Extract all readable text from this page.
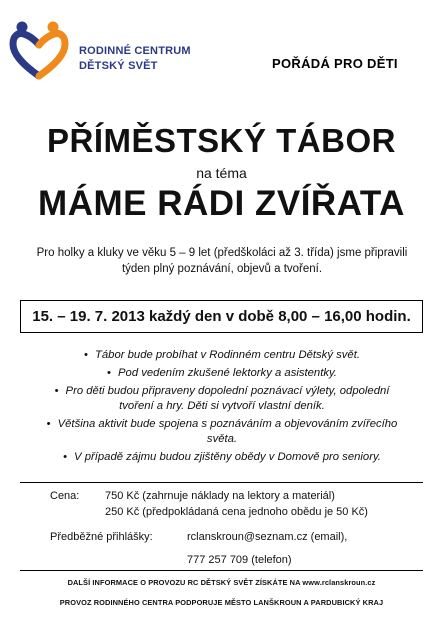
RODINNÉ CENTRUM
DĚTSKÝ SVĚT	POŘÁDÁ PRO DĚTI
PŘÍMĚSTSKÝ TÁBOR
na téma
MÁME RÁDI ZVÍŘATA
Pro holky a kluky ve věku 5 – 9 let (předškoláci až 3. třída) jsme připravili
týden plný poznávání, objevů a tvoření.
15. – 19. 7. 2013 každý den v době 8,00 – 16,00 hodin.
• Tábor bude probíhat v Rodinném centru Dětský svět.
• Pod vedením zkušené lektorky a asistentky.
• Pro děti budou připraveny dopolední poznávací výlety, odpolední
tvoření a hry. Děti si vytvoří vlastní deník.
• Většina aktivit bude spojena s poznáváním a objevováním zvířecího
světa.
• V případě zájmu budou zjištěny obědy v Domově pro seniory.
Cena: 750 Kč (zahrnuje náklady na lektory a materiál)
250 Kč (předpokládaná cena jednoho obědu je 50 Kč)
Předběžné přihlášky:	rclanskroun@seznam.cz (email),
777 257 709 (telefon)
DALŠÍ INFORMACE O PROVOZU RC DĚTSKÝ SVĚT ZÍSKÁTE NA www.rclanskroun.cz
PROVOZ RODINNÉHO CENTRA PODPORUJE MĚSTO LANŠKROUN A PARDUBICKÝ KRAJ
